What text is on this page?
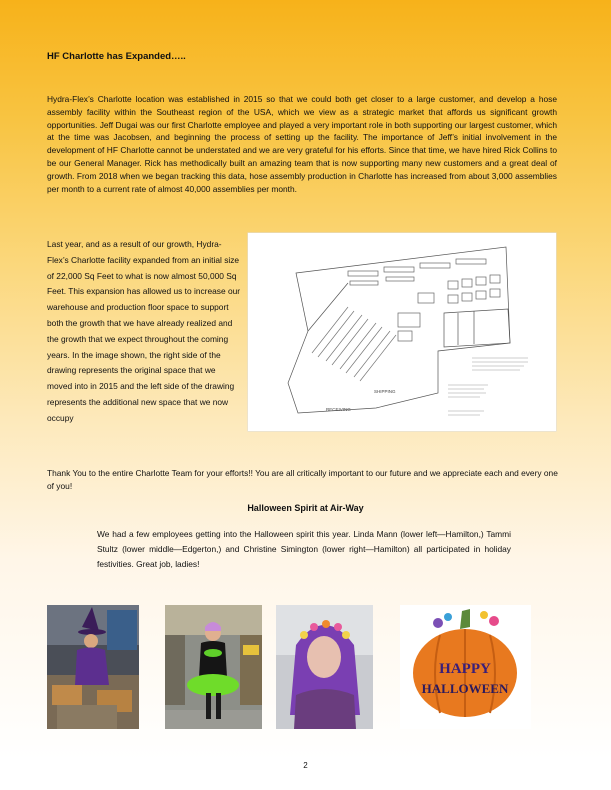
HF Charlotte has Expanded…..
Hydra-Flex’s Charlotte location was established in 2015 so that we could both get closer to a large customer, and develop a hose assembly facility within the Southeast region of the USA, which we view as a strategic market that affords us significant growth opportunities. Jeff Dugai was our first Charlotte employee and played a very important role in both supporting our largest customer, which at the time was Jacobsen, and beginning the process of setting up the facility. The importance of Jeff’s initial involvement in the development of HF Charlotte cannot be understated and we are very grateful for his efforts. Since that time, we have hired Rick Collins to be our General Manager. Rick has methodically built an amazing team that is now supporting many new customers and a great deal of growth. From 2018 when we began tracking this data, hose assembly production in Charlotte has increased from about 3,000 assemblies per month to a current rate of almost 40,000 assemblies per month.
Last year, and as a result of our growth, Hydra-Flex’s Charlotte facility expanded from an initial size of 22,000 Sq Feet to what is now almost 50,000 Sq Feet. This expansion has allowed us to increase our warehouse and production floor space to support both the growth that we have already realized and the growth that we expect throughout the coming years. In the image shown, the right side of the drawing represents the original space that we moved into in 2015 and the left side of the drawing represents the additional new space that we now occupy
SHIPPING
RECEIVING
Thank You to the entire Charlotte Team for your efforts!! You are all critically important to our future and we appreciate each and every one of you!
Halloween Spirit at Air-Way
We had a few employees getting into the Halloween spirit this year. Linda Mann (lower left—Hamilton,) Tammi Stultz (lower middle—Edgerton,) and Christine Simington (lower right—Hamilton) all participated in holiday festivities. Great job, ladies!
HAPPY
HALLOWEEN
2
